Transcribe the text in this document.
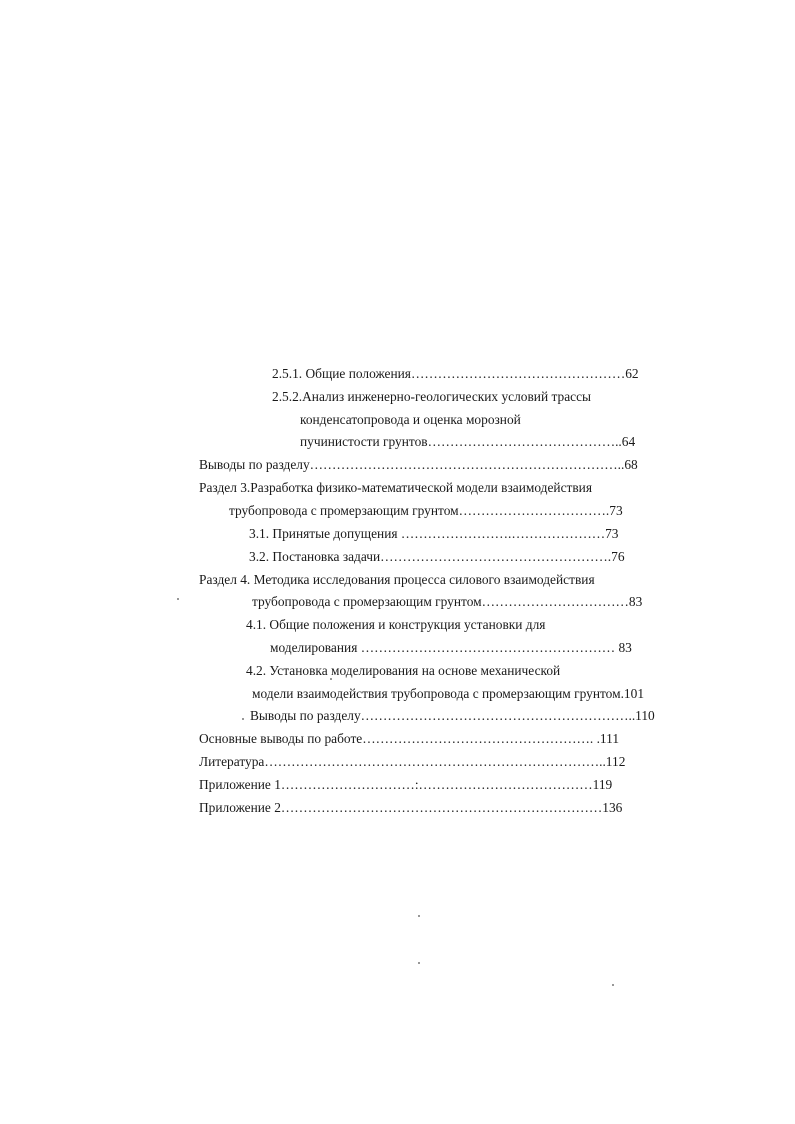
2.5.1. Общие положения…………………………………………62
2.5.2.Анализ инженерно-геологических условий трассы
конденсатопровода и оценка морозной
пучинистости грунтов……………………………………..64
Выводы по разделу……………………………………………………………..68
Раздел 3.Разработка физико-математической модели взаимодействия
трубопровода с промерзающим грунтом…………………………….73
3.1. Принятые допущения …………………….…………………73
3.2. Постановка задачи…………………………………………….76
Раздел 4. Методика исследования процесса силового взаимодействия
трубопровода с промерзающим грунтом……………………………83
4.1. Общие положения и конструкция установки для
моделирования ………………………………………………… 83
4.2. Установка моделирования на основе механической
модели взаимодействия трубопровода с промерзающим грунтом.101
Выводы по разделу……………………………………………………..110
Основные выводы по работе……………………………………………. .111
Литература…………………………………………………………………..112
Приложение 1…………………………:…………………………………119
Приложение 2………………………………………………………………136
